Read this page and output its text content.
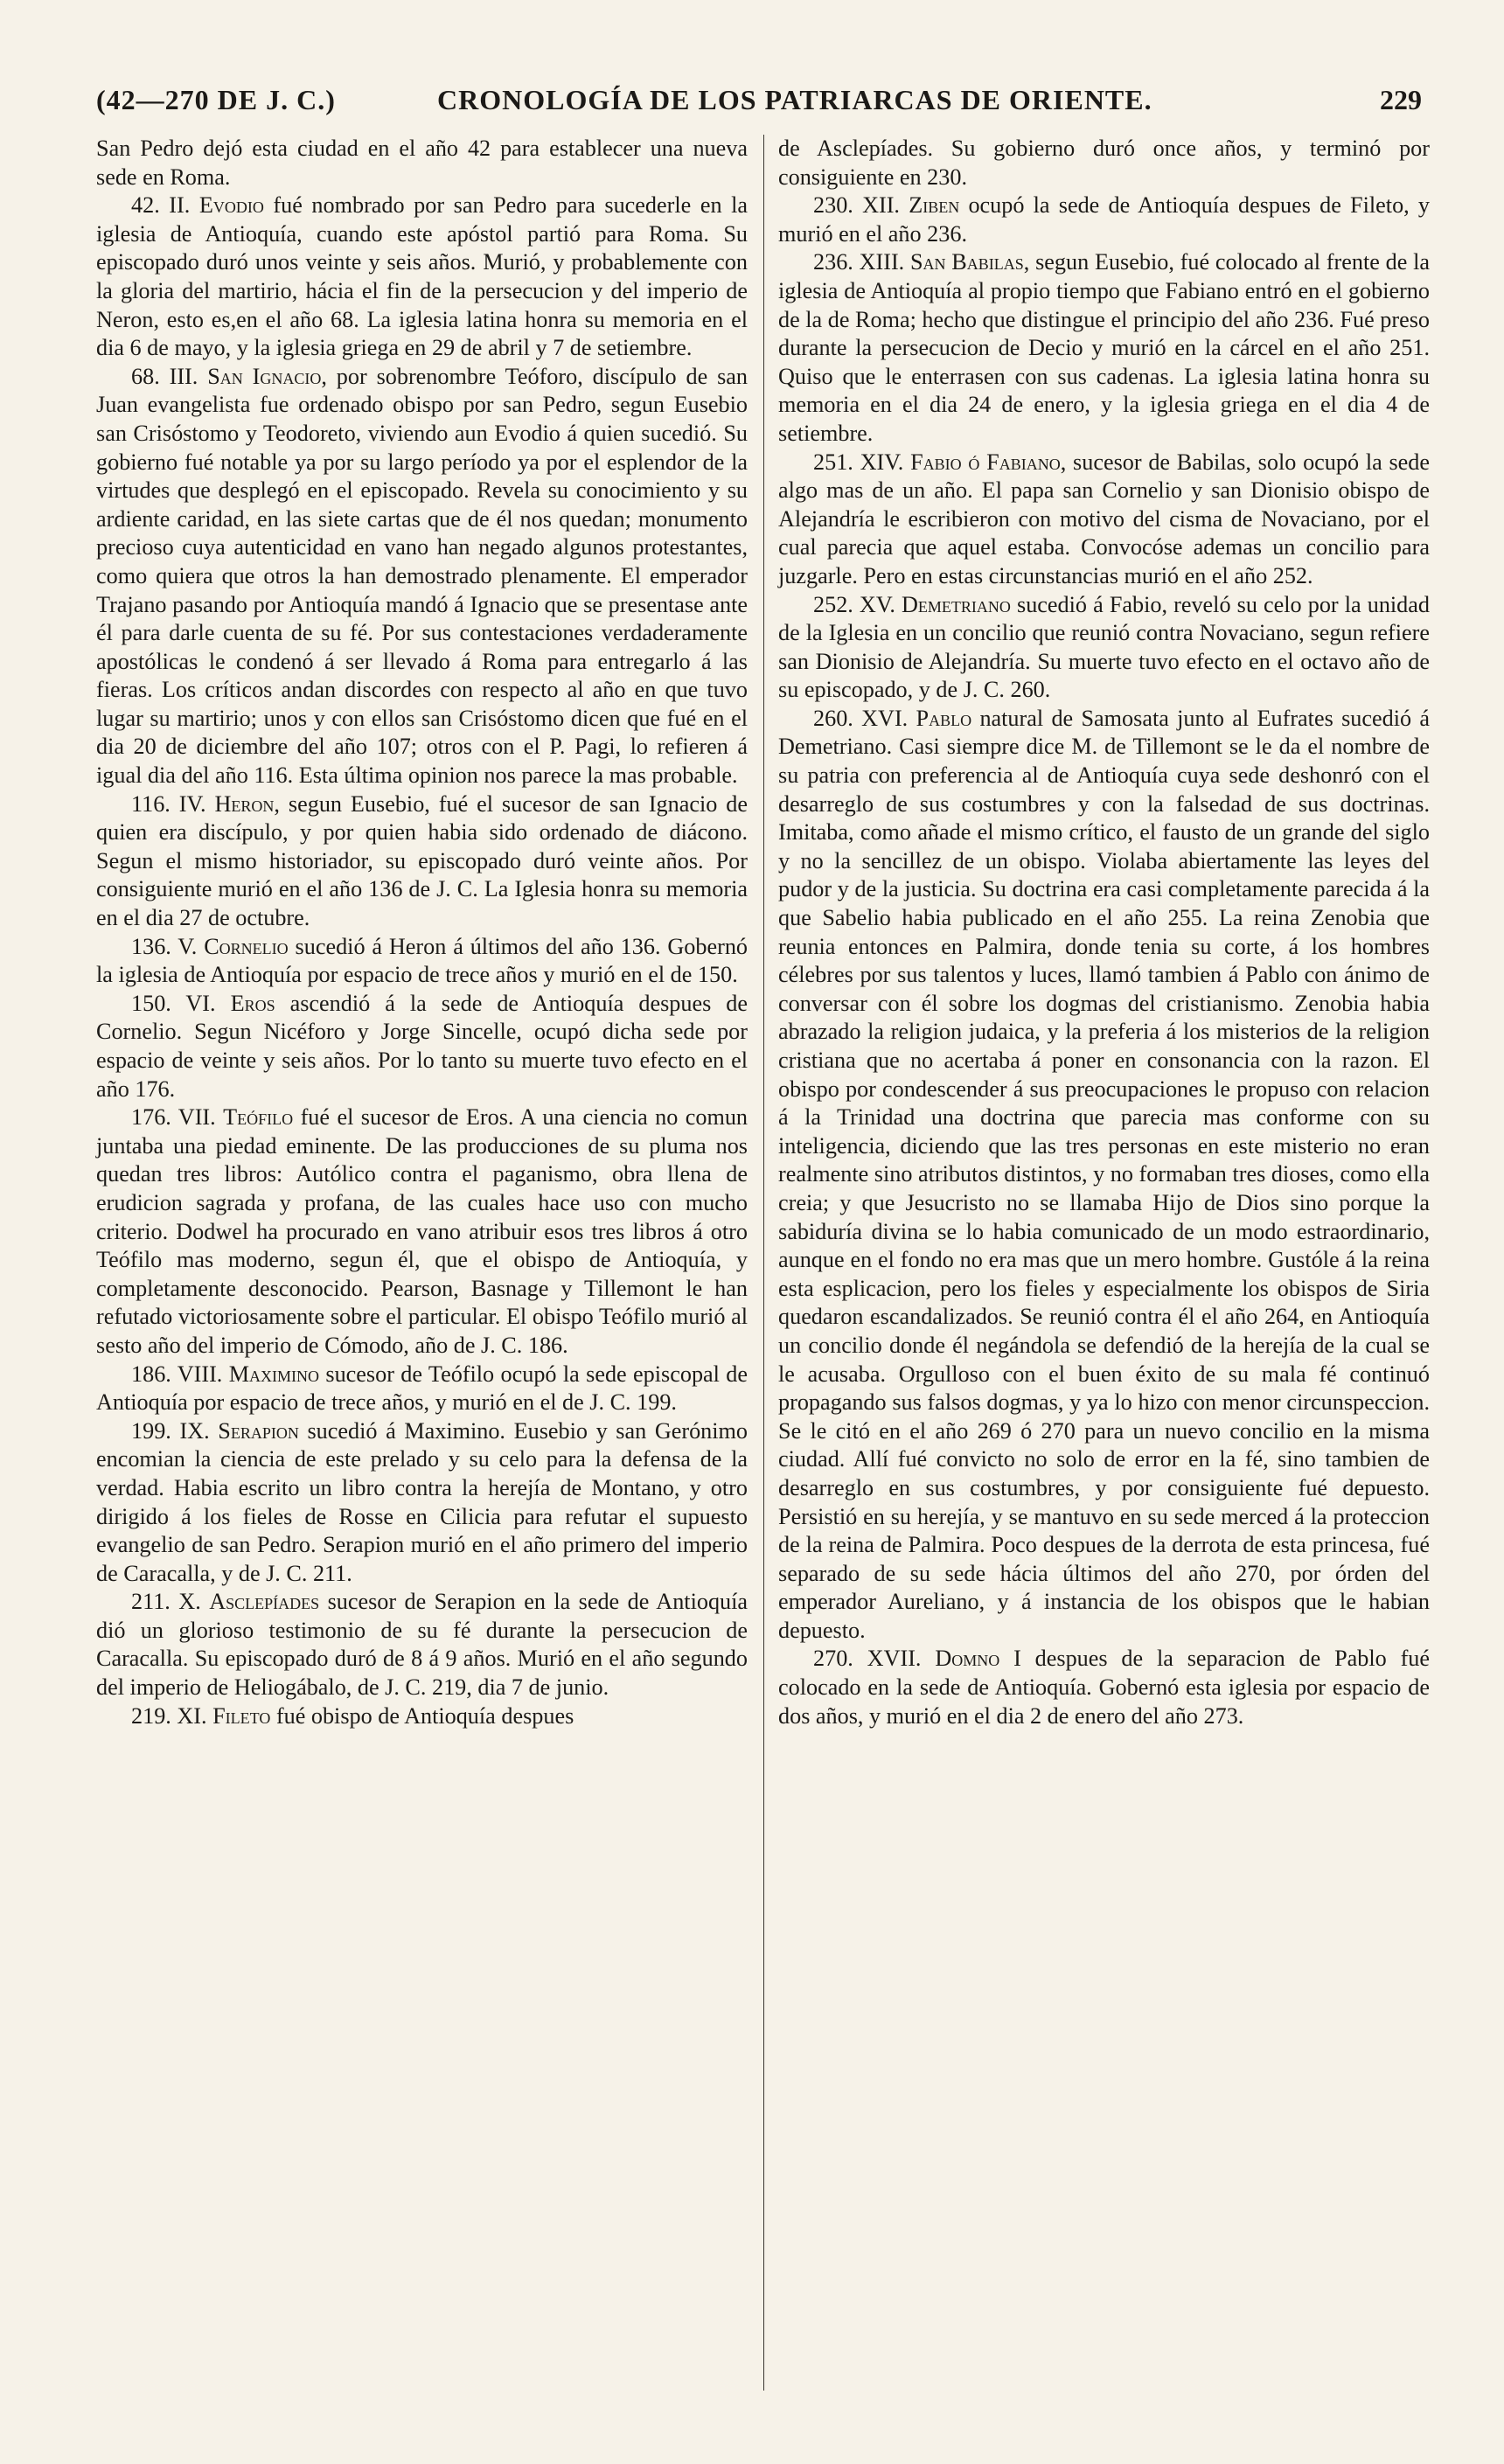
(42—270 DE J. C.)	CRONOLOGÍA DE LOS PATRIARCAS DE ORIENTE.	229

San Pedro dejó esta ciudad en el año 42 para establecer una nueva sede en Roma.

42. II. Evodio fué nombrado por san Pedro para sucederle en la iglesia de Antioquía, cuando este apóstol partió para Roma. Su episcopado duró unos veinte y seis años. Murió, y probablemente con la gloria del martirio, hácia el fin de la persecucion y del imperio de Neron, esto es,en el año 68. La iglesia latina honra su memoria en el dia 6 de mayo, y la iglesia griega en 29 de abril y 7 de setiembre.

68. III. San Ignacio, por sobrenombre Teóforo, discípulo de san Juan evangelista fue ordenado obispo por san Pedro, segun Eusebio san Crisóstomo y Teodoreto, viviendo aun Evodio á quien sucedió. Su gobierno fué notable ya por su largo período ya por el esplendor de la virtudes que desplegó en el episcopado. Revela su conocimiento y su ardiente caridad, en las siete cartas que de él nos quedan; monumento precioso cuya autenticidad en vano han negado algunos protestantes, como quiera que otros la han demostrado plenamente. El emperador Trajano pasando por Antioquía mandó á Ignacio que se presentase ante él para darle cuenta de su fé. Por sus contestaciones verdaderamente apostólicas le condenó á ser llevado á Roma para entregarlo á las fieras. Los críticos andan discordes con respecto al año en que tuvo lugar su martirio; unos y con ellos san Crisóstomo dicen que fué en el dia 20 de diciembre del año 107; otros con el P. Pagi, lo refieren á igual dia del año 116. Esta última opinion nos parece la mas probable.

116. IV. Heron, segun Eusebio, fué el sucesor de san Ignacio de quien era discípulo, y por quien habia sido ordenado de diácono. Segun el mismo historiador, su episcopado duró veinte años. Por consiguiente murió en el año 136 de J. C. La Iglesia honra su memoria en el dia 27 de octubre.

136. V. Cornelio sucedió á Heron á últimos del año 136. Gobernó la iglesia de Antioquía por espacio de trece años y murió en el de 150.

150. VI. Eros ascendió á la sede de Antioquía despues de Cornelio. Segun Nicéforo y Jorge Sincelle, ocupó dicha sede por espacio de veinte y seis años. Por lo tanto su muerte tuvo efecto en el año 176.

176. VII. Teófilo fué el sucesor de Eros. A una ciencia no comun juntaba una piedad eminente. De las producciones de su pluma nos quedan tres libros: Autólico contra el paganismo, obra llena de erudicion sagrada y profana, de las cuales hace uso con mucho criterio. Dodwel ha procurado en vano atribuir esos tres libros á otro Teófilo mas moderno, segun él, que el obispo de Antioquía, y completamente desconocido. Pearson, Basnage y Tillemont le han refutado victoriosamente sobre el particular. El obispo Teófilo murió al sesto año del imperio de Cómodo, año de J. C. 186.

186. VIII. Maximino sucesor de Teófilo ocupó la sede episcopal de Antioquía por espacio de trece años, y murió en el de J. C. 199.

199. IX. Serapion sucedió á Maximino. Eusebio y san Gerónimo encomian la ciencia de este prelado y su celo para la defensa de la verdad. Habia escrito un libro contra la herejía de Montano, y otro dirigido á los fieles de Rosse en Cilicia para refutar el supuesto evangelio de san Pedro. Serapion murió en el año primero del imperio de Caracalla, y de J. C. 211.

211. X. Asclepíades sucesor de Serapion en la sede de Antioquía dió un glorioso testimonio de su fé durante la persecucion de Caracalla. Su episcopado duró de 8 á 9 años. Murió en el año segundo del imperio de Heliogábalo, de J. C. 219, dia 7 de junio.

219. XI. Fileto fué obispo de Antioquía despues

de Asclepíades. Su gobierno duró once años, y terminó por consiguiente en 230.

230. XII. Ziben ocupó la sede de Antioquía despues de Fileto, y murió en el año 236.

236. XIII. San Babilas, segun Eusebio, fué colocado al frente de la iglesia de Antioquía al propio tiempo que Fabiano entró en el gobierno de la de Roma; hecho que distingue el principio del año 236. Fué preso durante la persecucion de Decio y murió en la cárcel en el año 251. Quiso que le enterrasen con sus cadenas. La iglesia latina honra su memoria en el dia 24 de enero, y la iglesia griega en el dia 4 de setiembre.

251. XIV. Fabio ó Fabiano, sucesor de Babilas, solo ocupó la sede algo mas de un año. El papa san Cornelio y san Dionisio obispo de Alejandría le escribieron con motivo del cisma de Novaciano, por el cual parecia que aquel estaba. Convocóse ademas un concilio para juzgarle. Pero en estas circunstancias murió en el año 252.

252. XV. Demetriano sucedió á Fabio, reveló su celo por la unidad de la Iglesia en un concilio que reunió contra Novaciano, segun refiere san Dionisio de Alejandría. Su muerte tuvo efecto en el octavo año de su episcopado, y de J. C. 260.

260. XVI. Pablo natural de Samosata junto al Eufrates sucedió á Demetriano. Casi siempre dice M. de Tillemont se le da el nombre de su patria con preferencia al de Antioquía cuya sede deshonró con el desarreglo de sus costumbres y con la falsedad de sus doctrinas. Imitaba, como añade el mismo crítico, el fausto de un grande del siglo y no la sencillez de un obispo. Violaba abiertamente las leyes del pudor y de la justicia. Su doctrina era casi completamente parecida á la que Sabelio habia publicado en el año 255. La reina Zenobia que reunia entonces en Palmira, donde tenia su corte, á los hombres célebres por sus talentos y luces, llamó tambien á Pablo con ánimo de conversar con él sobre los dogmas del cristianismo. Zenobia habia abrazado la religion judaica, y la preferia á los misterios de la religion cristiana que no acertaba á poner en consonancia con la razon. El obispo por condescender á sus preocupaciones le propuso con relacion á la Trinidad una doctrina que parecia mas conforme con su inteligencia, diciendo que las tres personas en este misterio no eran realmente sino atributos distintos, y no formaban tres dioses, como ella creia; y que Jesucristo no se llamaba Hijo de Dios sino porque la sabiduría divina se lo habia comunicado de un modo estraordinario, aunque en el fondo no era mas que un mero hombre. Gustóle á la reina esta esplicacion, pero los fieles y especialmente los obispos de Siria quedaron escandalizados. Se reunió contra él el año 264, en Antioquía un concilio donde él negándola se defendió de la herejía de la cual se le acusaba. Orgulloso con el buen éxito de su mala fé continuó propagando sus falsos dogmas, y ya lo hizo con menor circunspeccion. Se le citó en el año 269 ó 270 para un nuevo concilio en la misma ciudad. Allí fué convicto no solo de error en la fé, sino tambien de desarreglo en sus costumbres, y por consiguiente fué depuesto. Persistió en su herejía, y se mantuvo en su sede merced á la proteccion de la reina de Palmira. Poco despues de la derrota de esta princesa, fué separado de su sede hácia últimos del año 270, por órden del emperador Aureliano, y á instancia de los obispos que le habian depuesto.

270. XVII. Domno I despues de la separacion de Pablo fué colocado en la sede de Antioquía. Gobernó esta iglesia por espacio de dos años, y murió en el dia 2 de enero del año 273.
